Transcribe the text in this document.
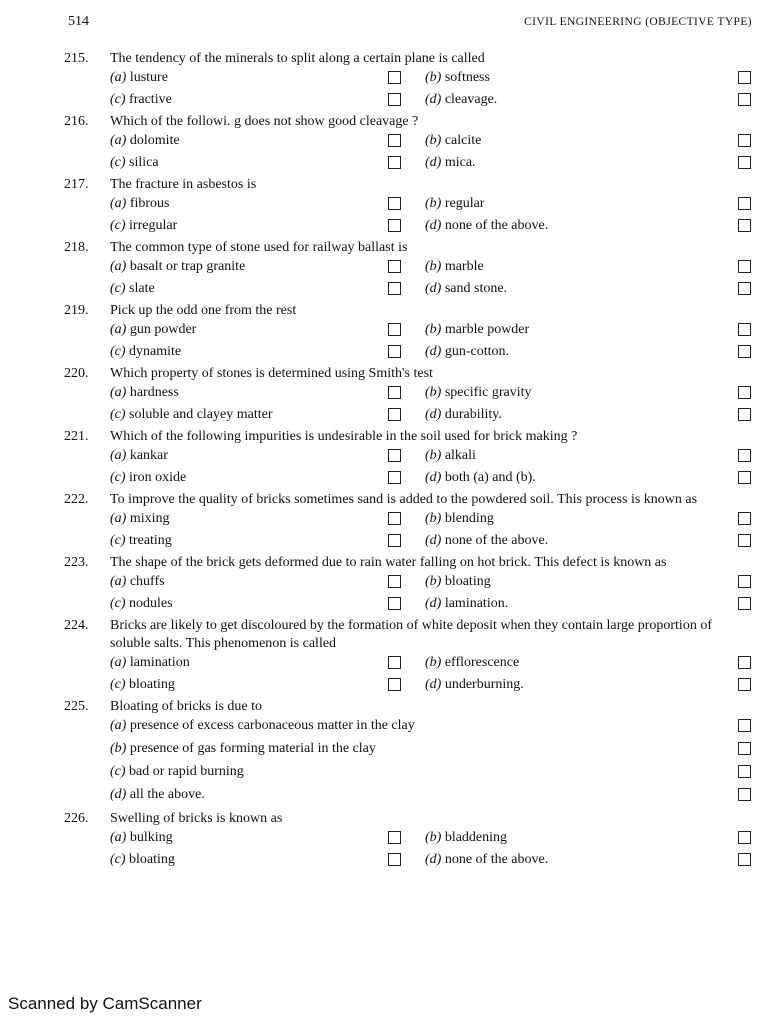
514	CIVIL ENGINEERING (OBJECTIVE TYPE)
215.	The tendency of the minerals to split along a certain plane is called
(a) lusture	(b) softness
(c) fractive	(d) cleavage.
216.	Which of the followi. g does not show good cleavage ?
(a) dolomite	(b) calcite
(c) silica	(d) mica.
217.	The fracture in asbestos is
(a) fibrous	(b) regular
(c) irregular	(d) none of the above.
218.	The common type of stone used for railway ballast is
(a) basalt or trap granite	(b) marble
(c) slate	(d) sand stone.
219.	Pick up the odd one from the rest
(a) gun powder	(b) marble powder
(c) dynamite	(d) gun-cotton.
220.	Which property of stones is determined using Smith's test
(a) hardness	(b) specific gravity
(c) soluble and clayey matter	(d) durability.
221.	Which of the following impurities is undesirable in the soil used for brick making ?
(a) kankar	(b) alkali
(c) iron oxide	(d) both (a) and (b).
222.	To improve the quality of bricks sometimes sand is added to the powdered soil. This process is known as
(a) mixing	(b) blending
(c) treating	(d) none of the above.
223.	The shape of the brick gets deformed due to rain water falling on hot brick. This defect is known as
(a) chuffs	(b) bloating
(c) nodules	(d) lamination.
224.	Bricks are likely to get discoloured by the formation of white deposit when they contain large proportion of soluble salts. This phenomenon is called
(a) lamination	(b) efflorescence
(c) bloating	(d) underburning.
225.	Bloating of bricks is due to
(a) presence of excess carbonaceous matter in the clay
(b) presence of gas forming material in the clay
(c) bad or rapid burning
(d) all the above.
226.	Swelling of bricks is known as
(a) bulking	(b) bladdening
(c) bloating	(d) none of the above.
Scanned by CamScanner
